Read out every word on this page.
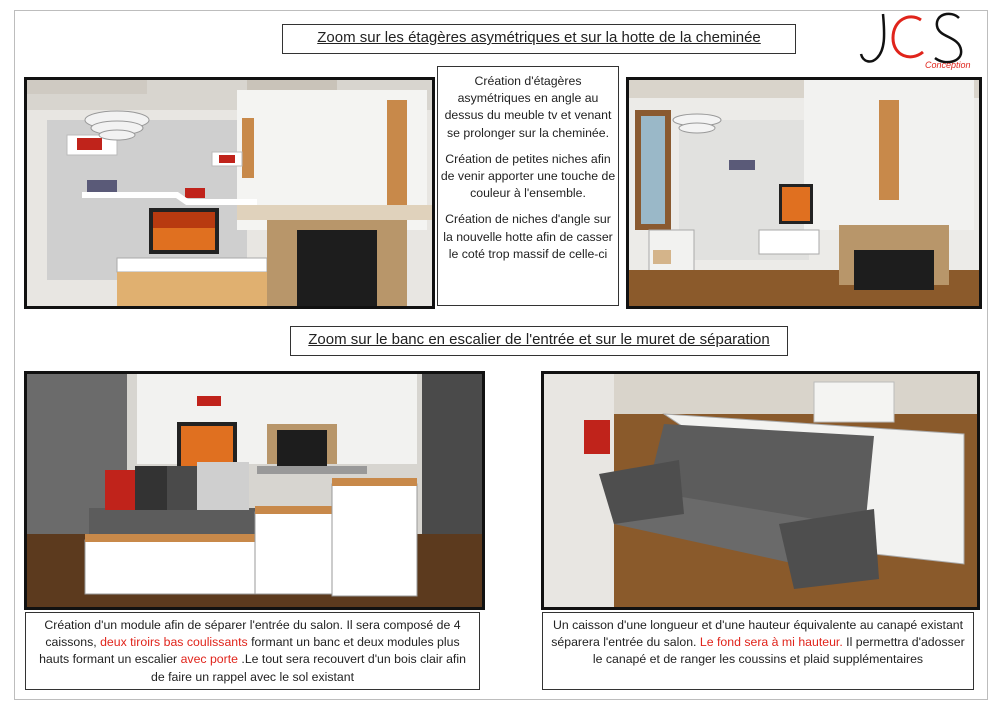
Conception
Zoom sur les étagères asymétriques et sur la hotte de la cheminée

Création d'étagères asymétriques en angle au dessus du meuble tv et venant se prolonger sur la cheminée.

Création de petites niches afin de venir apporter une touche de couleur à l'ensemble.

Création de niches d'angle sur la nouvelle hotte afin de casser le coté trop massif de celle-ci

Zoom sur le banc en escalier de l'entrée et sur le muret de séparation
Création d'un module afin de séparer l'entrée du salon. Il sera composé de 4 caissons, deux tiroirs bas coulissants formant un banc et deux modules plus hauts formant un escalier avec porte .Le tout sera recouvert d'un bois clair afin de faire un rappel avec le sol existant
Un caisson d'une longueur et d'une hauteur équivalente au canapé existant séparera l'entrée du salon. Le fond sera à mi hauteur. Il permettra d'adosser le canapé et de ranger les coussins et plaid supplémentaires
